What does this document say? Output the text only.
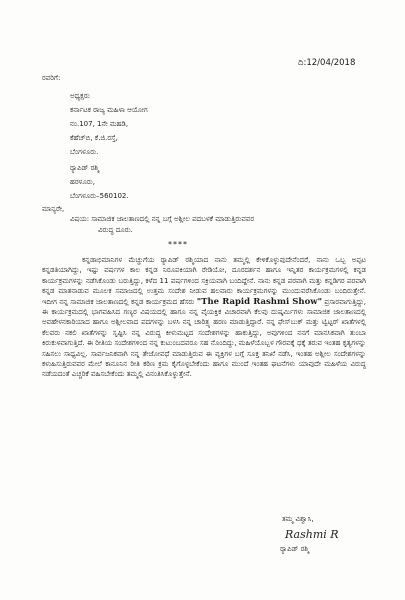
ದಿ:12/04/2018
ರವರಿಗೆ:
ಅಧ್ಯಕ್ಷರು
ಕರ್ನಾಟಕ ರಾಜ್ಯ ಮಹಿಳಾ ಆಯೋಗ
ನಂ.107, 1ನೇ ಮಹಡಿ,
ಕೆಹೆಚ್‌ಬಿ, ಕೆ.ಜಿ.ರಸ್ತೆ,
ಬೆಂಗಳೂರು.
ರ್‍ಯಾಪಿಡ್ ರಶ್ಮಿ
ಹರಳೂರು,
ಬೆಂಗಳೂರು–560102.
ಮಾನ್ಯರೇ,
ವಿಷಯ: ಸಾಮಾಜಿಕ ಜಾಲತಾಣದಲ್ಲಿ ನನ್ನ ಬಗ್ಗೆ ಅಶ್ಲೀಲ ಪದಬಳಕೆ ಮಾಡುತ್ತಿರುವವರ
ವಿರುದ್ಧ ದೂರು.
****

ಕನ್ನಡಾಭಿಮಾನಿಗಳ ಮೆಚ್ಚುಗೆಯ ರ್‍ಯಾಪಿಡ್ ರಶ್ಮಿಯಾದ ನಾನು ತಮ್ಮಲ್ಲಿ ಕೇಳಿಕೊಳ್ಳುವುದೇನೆಂದರೆ, ನಾನು ಒಬ್ಬ ಅಪ್ಪಟ ಕನ್ನಡತಿಯಾಗಿದ್ದು, ಇಷ್ಟು ವರ್ಷಗಳ ಕಾಲ ಕನ್ನಡ ನಿರೂಪಕಿಯಾಗಿ ರೇಡಿಯೋ, ದೂರದರ್ಶನ ಹಾಗೂ ಇನ್ನಿತರ ಕಾರ್ಯಕ್ರಮಗಳಲ್ಲಿ ಕನ್ನಡ ಕಾರ್ಯಕ್ರಮಗಳನ್ನು ನಡೆಸಿಕೊಂಡು ಬರುತ್ತಿದ್ದು, ಕಳೆದ 11 ವರ್ಷಗಳಿಂದ ಸಕ್ರಿಯವಾಗಿ ಬಂದಿದ್ದೇನೆ. ನಾನು ಕನ್ನಡ ಪರವಾಗಿ ಮತ್ತು ಕನ್ನಡಿಗರ ಪರವಾಗಿ ಕನ್ನಡ ಮಾತನಾಡುವ ಮೂಲಕ ಸಮಾಜದಲ್ಲಿ ಉತ್ತಮ ಸಂದೇಶ ನೀಡುವ ಹಲವಾರು ಕಾರ್ಯಕ್ರಮಗಳನ್ನು ಮುಂದುವರೆಸಿಕೊಂಡು ಬಂದಿರುತ್ತೇನೆ. ಇದೀಗ ನನ್ನ ಸಾಮಾಜಿಕ ಜಾಲತಾಣದಲ್ಲಿ ಕನ್ನಡ ಕಾರ್ಯಕ್ರಮದ ಹೆಸರು "The Rapid Rashmi Show" ಪ್ರಸಾರವಾಗುತ್ತಿದ್ದು, ಈ ಕಾರ್ಯಕ್ರಮದಲ್ಲಿ ಭಾಗವಹಿಸಿದ ಗಣ್ಯರ ವಿಷಯದಲ್ಲಿ ಹಾಗೂ ನನ್ನ ವೈಯಕ್ತಿಕ ವಿಚಾರವಾಗಿ ಕೆಲವು ದುಷ್ಕರ್ಮಿಗಳು ಸಾಮಾಜಿಕ ಜಾಲತಾಣದಲ್ಲಿ ಅವಹೇಳನಕಾರಿಯಾದ ಹಾಗೂ ಅಶ್ಲೀಲವಾದ ಪದಗಳನ್ನು ಬಳಸಿ ನನ್ನ ಚಾರಿತ್ರ್ಯ ಹರಣ ಮಾಡುತ್ತಿದ್ದಾರೆ. ನನ್ನ ಫೇಸ್‌ಬುಕ್ ಮತ್ತು ಟ್ವಿಟ್ಟರ್ ಖಾತೆಗಳಲ್ಲಿ ಕೆಲವರು ನಕಲಿ ಖಾತೆಗಳನ್ನು ಸೃಷ್ಟಿಸಿ ನನ್ನ ವಿರುದ್ಧ ಕೀಳುಮಟ್ಟದ ಸಂದೇಶಗಳನ್ನು ಹಾಕುತ್ತಿದ್ದು, ಅವುಗಳಿಂದ ನನಗೆ ಮಾನಸಿಕವಾಗಿ ತುಂಬಾ ಕಿರುಕುಳವಾಗುತ್ತಿದೆ. ಈ ರೀತಿಯ ಸಂದೇಶಗಳಿಂದ ನನ್ನ ಕುಟುಂಬದವರೂ ಸಹ ನೊಂದಿದ್ದು, ಮಹಿಳೆಯೊಬ್ಬಳ ಗೌರವಕ್ಕೆ ಧಕ್ಕೆ ತರುವ ಇಂತಹ ಕೃತ್ಯಗಳನ್ನು ಸಹಿಸಲು ಸಾಧ್ಯವಿಲ್ಲ. ಸಾರ್ವಜನಿಕವಾಗಿ ನನ್ನ ತೇಜೋವಧೆ ಮಾಡುತ್ತಿರುವ ಈ ವ್ಯಕ್ತಿಗಳ ಬಗ್ಗೆ ಸೂಕ್ತ ತನಿಖೆ ನಡೆಸಿ, ಇಂತಹ ಅಶ್ಲೀಲ ಸಂದೇಶಗಳನ್ನು ಕಳುಹಿಸುತ್ತಿರುವವರ ಮೇಲೆ ಕಾನೂನಿನ ರೀತಿ ಕಠಿಣ ಕ್ರಮ ಕೈಗೊಳ್ಳಬೇಕೆಂದು ಹಾಗೂ ಮುಂದೆ ಇಂತಹ ಘಟನೆಗಳು ಯಾವುದೇ ಮಹಿಳೆಯ ವಿರುದ್ಧ ನಡೆಯದಂತೆ ಎಚ್ಚರಿಕೆ ವಹಿಸಬೇಕೆಂದು ತಮ್ಮಲ್ಲಿ ವಿನಂತಿಸಿಕೊಳ್ಳುತ್ತೇನೆ.

ತಮ್ಮ ವಿಶ್ವಾಸಿ,
Rashmi R
ರ್‍ಯಾಪಿಡ್ ರಶ್ಮಿ
